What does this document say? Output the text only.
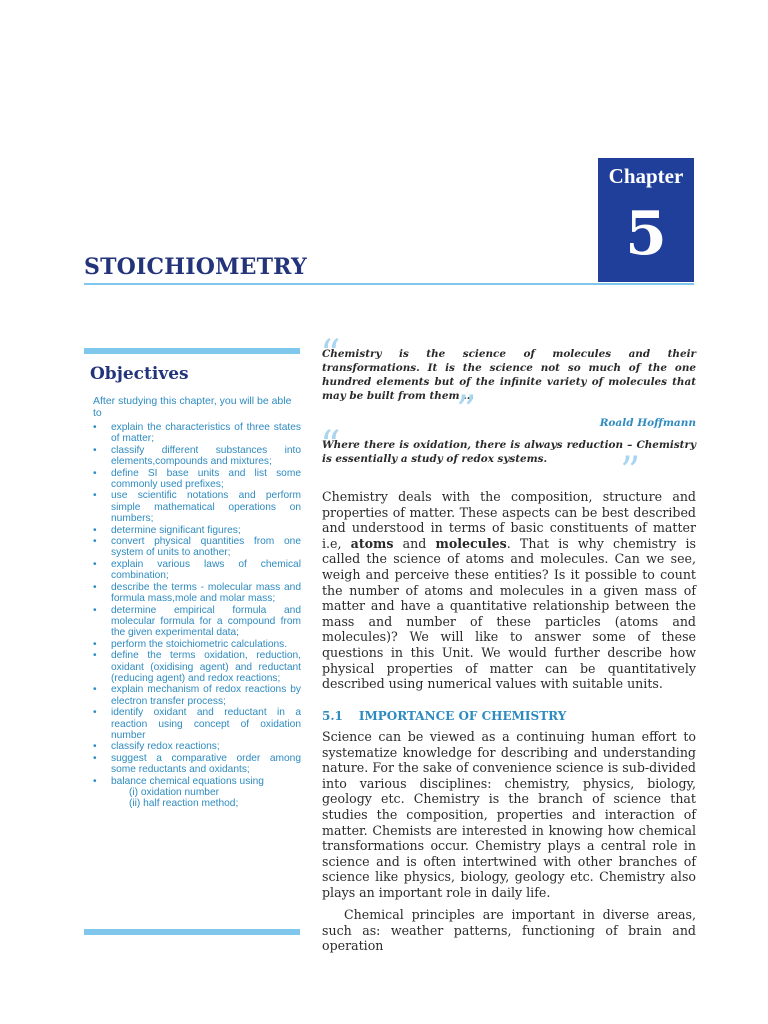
Chapter
5
STOICHIOMETRY
Objectives
After studying this chapter, you will be able to
• explain the characteristics of three states of matter;
• classify different substances into elements,compounds and mixtures;
• define SI base units and list some commonly used prefixes;
• use scientific notations and perform simple mathematical operations on numbers;
• determine significant figures;
• convert physical quantities from one system of units to another;
• explain various laws of chemical combination;
• describe the terms - molecular mass and formula mass,mole and molar mass;
• determine empirical formula and molecular formula for a compound from the given experimental data;
• perform the stoichiometric calculations.
• define the terms oxidation, reduction, oxidant (oxidising agent) and reductant (reducing agent) and redox reactions;
• explain mechanism of redox reactions by electron transfer process;
• identify oxidant and reductant in a reaction using concept of oxidation number
• classify redox reactions;
• suggest a comparative order among some reductants and oxidants;
• balance chemical equations using
(i) oxidation number
(ii) half reaction method;
“
Chemistry is the science of molecules and their transformations. It is the science not so much of the one hundred elements but of the infinite variety of molecules that may be built from them ...
”	Roald Hoffmann
“
Where there is oxidation, there is always reduction – Chemistry is essentially a study of redox systems.	”

Chemistry deals with the composition, structure and properties of matter. These aspects can be best described and understood in terms of basic constituents of matter i.e, atoms and molecules. That is why chemistry is called the science of atoms and molecules. Can we see, weigh and perceive these entities? Is it possible to count the number of atoms and molecules in a given mass of matter and have a quantitative relationship between the mass and number of these particles (atoms and molecules)? We will like to answer some of these questions in this Unit. We would further describe how physical properties of matter can be quantitatively described using numerical values with suitable units.

5.1 IMPORTANCE OF CHEMISTRY

Science can be viewed as a continuing human effort to systematize knowledge for describing and understanding nature. For the sake of convenience science is sub-divided into various disciplines: chemistry, physics, biology, geology etc. Chemistry is the branch of science that studies the composition, properties and interaction of matter. Chemists are interested in knowing how chemical transformations occur. Chemistry plays a central role in science and is often intertwined with other branches of science like physics, biology, geology etc. Chemistry also plays an important role in daily life.

Chemical principles are important in diverse areas, such as: weather patterns, functioning of brain and operation
